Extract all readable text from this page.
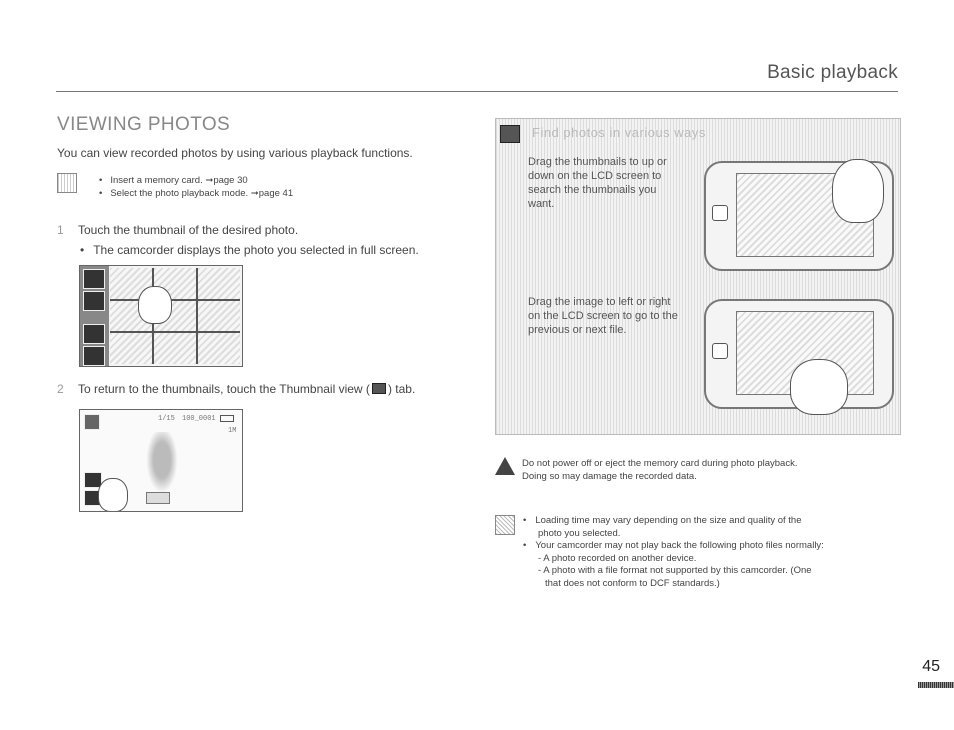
Basic playback
VIEWING PHOTOS
You can view recorded photos by using various playback functions.
• Insert a memory card. ➞page 30
• Select the photo playback mode. ➞page 41
1 Touch the thumbnail of the desired photo.
• The camcorder displays the photo you selected in full screen.
2 To return to the thumbnails, touch the Thumbnail view ( ) tab.
1/15 100_0001
1M
Find photos in various ways
Drag the thumbnails to up or down on the LCD screen to search the thumbnails you want.
Drag the image to left or right on the LCD screen to go to the previous or next file.

Do not power off or eject the memory card during photo playback.
Doing so may damage the recorded data.

• Loading time may vary depending on the size and quality of the
photo you selected.
• Your camcorder may not play back the following photo files normally:
- A photo recorded on another device.
- A photo with a file format not supported by this camcorder. (One
that does not conform to DCF standards.)
45
